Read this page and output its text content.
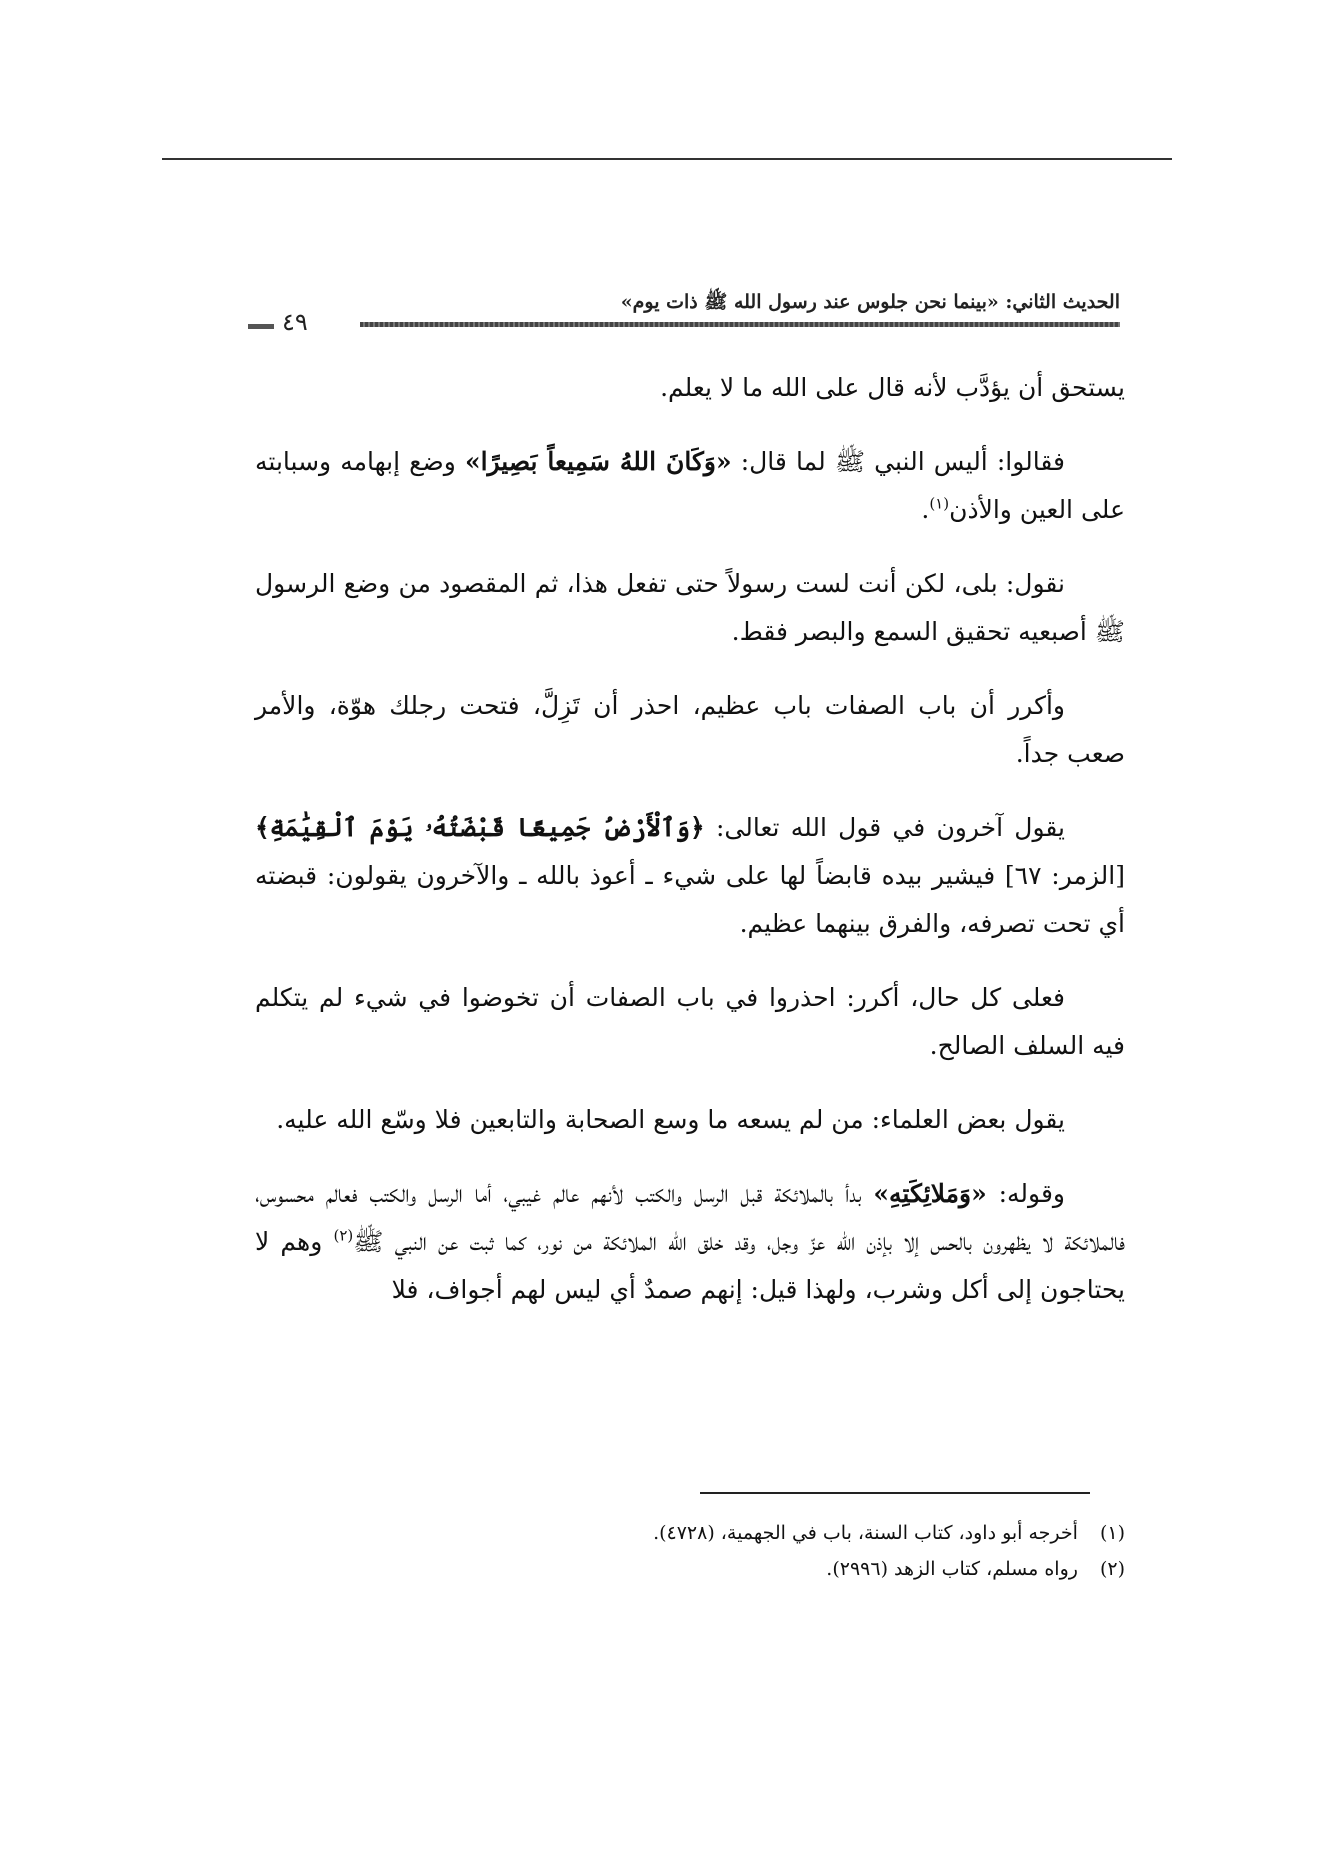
الحديث الثاني: «بينما نحن جلوس عند رسول الله ﷺ ذات يوم»
٤٩

يستحق أن يؤدَّب لأنه قال على الله ما لا يعلم.

فقالوا: أليس النبي ﷺ لما قال: «وَكَانَ اللهُ سَمِيعاً بَصِيرًا» وضع إبهامه وسبابته على العين والأذن$^{(١)}$.

نقول: بلى، لكن أنت لست رسولاً حتى تفعل هذا، ثم المقصود من وضع الرسول ﷺ أصبعيه تحقيق السمع والبصر فقط.

وأكرر أن باب الصفات باب عظيم، احذر أن تَزِلَّ، فتحت رجلك هوّة، والأمر صعب جداً.

يقول آخرون في قول الله تعالى: ﴿وَٱلْأَرْضُ جَمِيعًا قَبْضَتُهُۥ يَوْمَ ٱلْقِيَٰمَةِ﴾ [الزمر: ٦٧] فيشير بيده قابضاً لها على شيء ـ أعوذ بالله ـ والآخرون يقولون: قبضته أي تحت تصرفه، والفرق بينهما عظيم.

فعلى كل حال، أكرر: احذروا في باب الصفات أن تخوضوا في شيء لم يتكلم فيه السلف الصالح.

يقول بعض العلماء: من لم يسعه ما وسع الصحابة والتابعين فلا وسّع الله عليه.

وقوله: «وَمَلائِكَتِهِ» بدأ بالملائكة قبل الرسل والكتب لأنهم عالم غيبي، أما الرسل والكتب فعالم محسوس، فالملائكة لا يظهرون بالحس إلا بإذن الله عزّ وجل، وقد خلق الله الملائكة من نور، كما ثبت عن النبي ﷺ$^{(٢)}$ وهم لا يحتاجون إلى أكل وشرب، ولهذا قيل: إنهم صمدٌ أي ليس لهم أجواف، فلا

(١)أخرجه أبو داود، كتاب السنة، باب في الجهمية، (٤٧٢٨).
(٢)رواه مسلم، كتاب الزهد (٢٩٩٦).
